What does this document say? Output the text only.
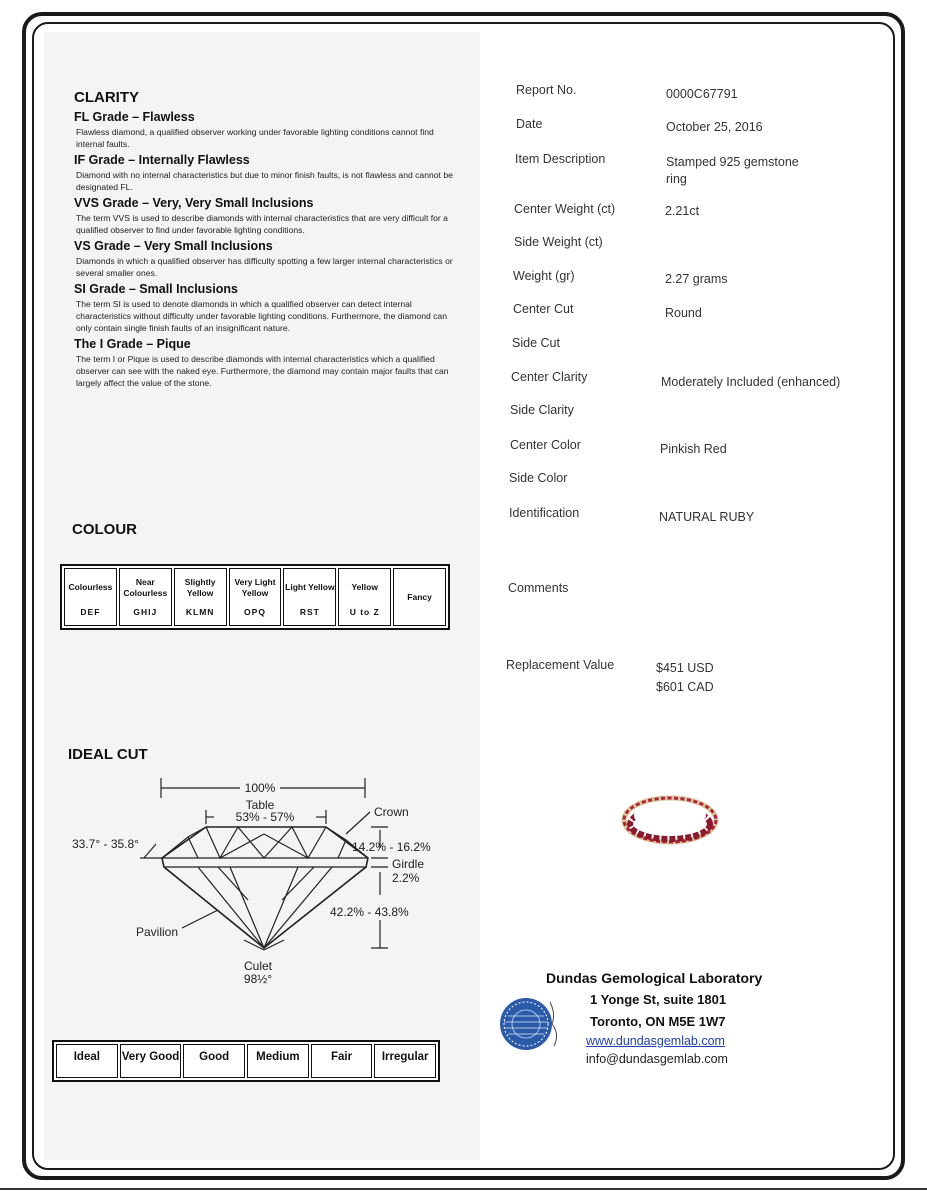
CLARITY
FL Grade – Flawless
Flawless diamond, a qualified observer working under favorable lighting conditions cannot find internal faults.
IF Grade – Internally Flawless
Diamond with no internal characteristics but due to minor finish faults, is not flawless and cannot be designated FL.
VVS Grade – Very, Very Small Inclusions
The term VVS is used to describe diamonds with internal characteristics that are very difficult for a qualified observer to find under favorable lighting conditions.
VS Grade – Very Small Inclusions
Diamonds in which a qualified observer has difficulty spotting a few larger internal characteristics or several smaller ones.
SI Grade – Small Inclusions
The term SI is used to denote diamonds in which a qualified observer can detect internal characteristics without difficulty under favorable lighting conditions. Furthermore, the diamond can only contain single finish faults of an insignificant nature.
The I Grade – Pique
The term I or Pique is used to describe diamonds with internal characteristics which a qualified observer can see with the naked eye. Furthermore, the diamond may contain major faults that can largely affect the value of the stone.
COLOUR
Colourless
DEF
Near Colourless
GHIJ
Slightly Yellow
KLMN
Very Light Yellow
OPQ
Light Yellow
RST
Yellow
U to Z
Fancy
IDEAL CUT
100%
Table
53% - 57%	Crown
33.7° - 35.8°	14.2% - 16.2%
Girdle
2.2%
42.2% - 43.8%
Pavilion
Culet
98½°
Ideal	Very Good	Good	Medium	Fair	Irregular
Report No.	0000C67791
Date	October 25, 2016
Item Description	Stamped 925 gemstone ring
Center Weight (ct)	2.21ct
Side Weight (ct)
Weight (gr)	2.27 grams
Center Cut	Round
Side Cut
Center Clarity	Moderately Included (enhanced)
Side Clarity
Center Color	Pinkish Red
Side Color
Identification	NATURAL RUBY
Comments
Replacement Value	$451 USD
$601 CAD
Dundas Gemological Laboratory
1 Yonge St, suite 1801
Toronto, ON M5E 1W7
www.dundasgemlab.com
info@dundasgemlab.com
